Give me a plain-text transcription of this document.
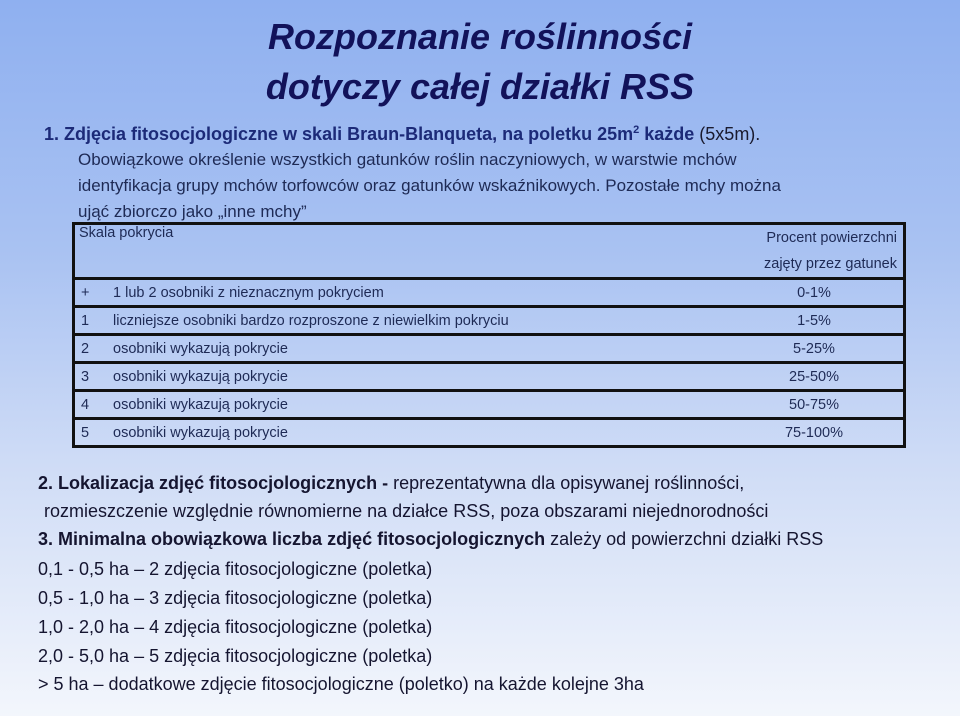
Rozpoznanie roślinności
dotyczy całej działki RSS
1. Zdjęcia fitosocjologiczne w skali Braun-Blanqueta, na poletku $25m^2$ każde (5x5m).
Obowiązkowe określenie wszystkich gatunków roślin naczyniowych, w warstwie mchów
identyfikacja grupy mchów torfowców oraz gatunków wskaźnikowych. Pozostałe mchy można
ująć zbiorczo jako „inne mchy”
Skala pokrycia		Procent powierzchni
zajęty przez gatunek

+	1 lub 2 osobniki z nieznacznym pokryciem	0-1%
1	liczniejsze osobniki bardzo rozproszone z niewielkim pokryciu	1-5%
2	osobniki wykazują pokrycie	5-25%
3	osobniki wykazują pokrycie	25-50%
4	osobniki wykazują pokrycie	50-75%
5	osobniki wykazują pokrycie	75-100%
2. Lokalizacja zdjęć fitosocjologicznych - reprezentatywna dla opisywanej roślinności,
rozmieszczenie względnie równomierne na działce RSS, poza obszarami niejednorodności
3. Minimalna obowiązkowa liczba zdjęć fitosocjologicznych zależy od powierzchni działki RSS
0,1 - 0,5 ha – 2 zdjęcia fitosocjologiczne (poletka)
0,5 - 1,0 ha – 3 zdjęcia fitosocjologiczne (poletka)
1,0 - 2,0 ha – 4 zdjęcia fitosocjologiczne (poletka)
2,0 - 5,0 ha – 5 zdjęcia fitosocjologiczne (poletka)
> 5 ha – dodatkowe zdjęcie fitosocjologiczne (poletko) na każde kolejne 3ha
